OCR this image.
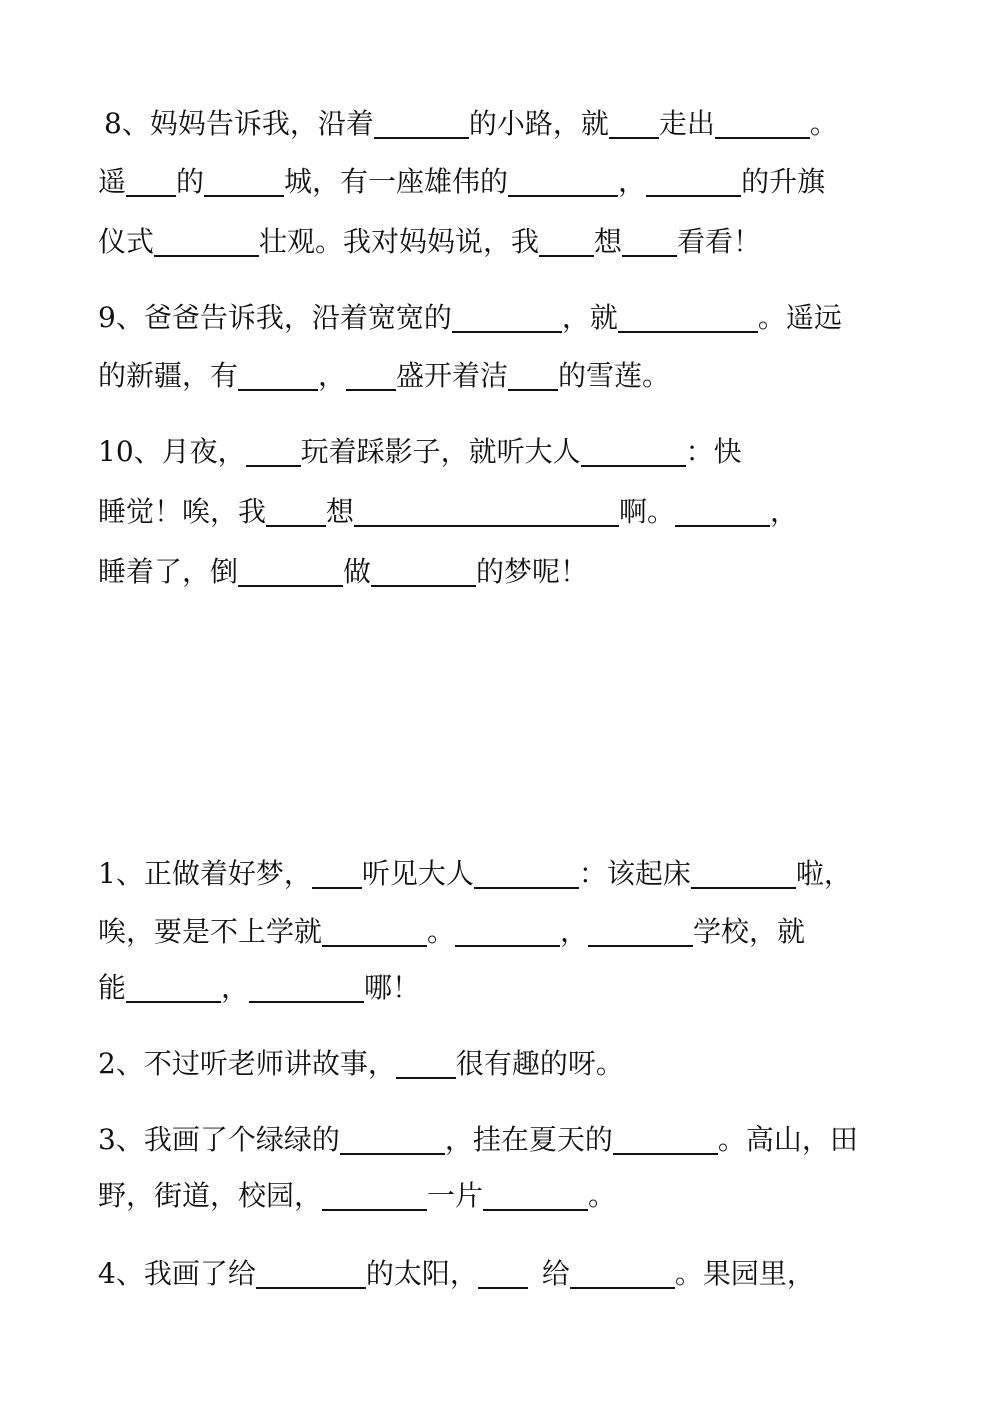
8、妈妈告诉我，沿着	的小路，就 走出	。
遥 的	城，有一座雄伟的	，	的升旗
仪式	壮观。我对妈妈说，我 想 看看！
9、爸爸告诉我，沿着宽宽的	，就	。遥远
的新疆，有	， 盛开着洁 的雪莲。
10、月夜， 玩着踩影子，就听大人	：快
睡觉！唉，我 想	啊。	，
睡着了，倒	做	的梦呢！
1、正做着好梦， 听见大人	：该起床	啦，
唉，要是不上学就	。	，	学校，就
能	，	哪！
2、不过听老师讲故事， 很有趣的呀。
3、我画了个绿绿的	，挂在夏天的	。高山，田
野，街道，校园，	一片	。
4、我画了给	的太阳， 给	。果园里，
